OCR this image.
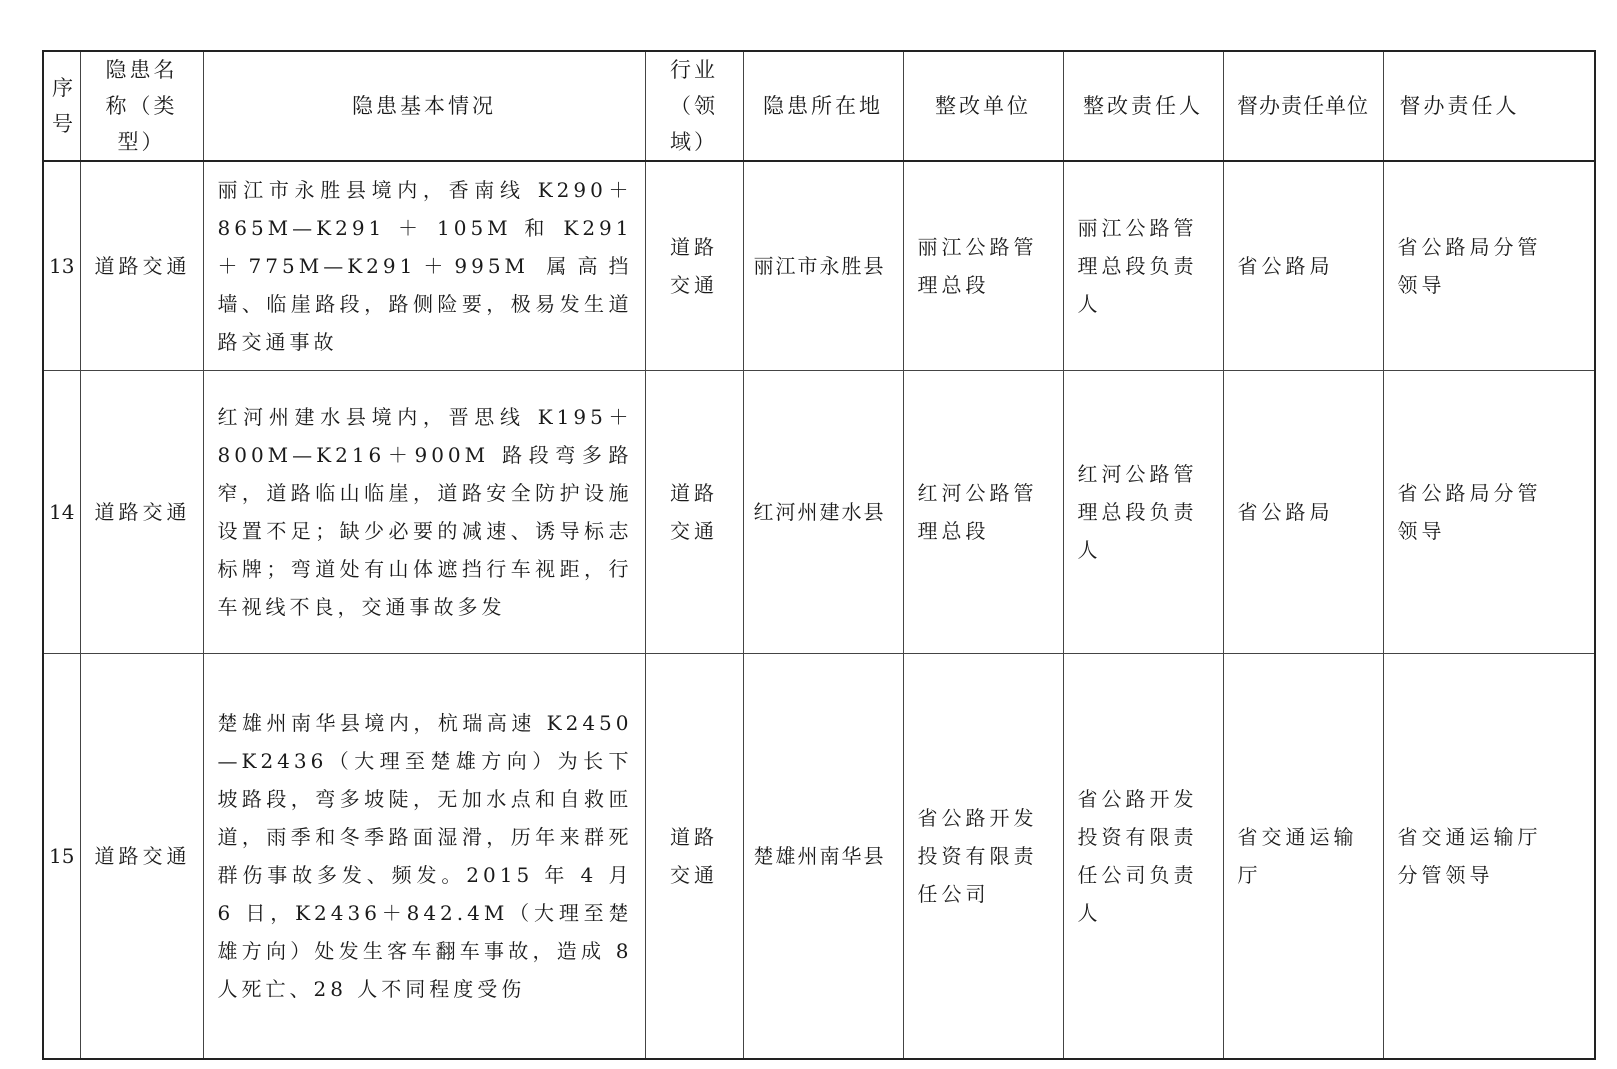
序号	隐患名称（类型）	隐患基本情况	行业（领域）	隐患所在地	整改单位	整改责任人	督办责任单位	督办责任人

13	道路交通	丽江市永胜县境内，香南线 K290＋865M—K291 ＋ 105M 和 K291 ＋775M—K291＋995M 属高挡墙、临崖路段，路侧险要，极易发生道路交通事故	道路交通	丽江市永胜县	丽江公路管理总段	丽江公路管理总段负责人	省公路局	省公路局分管领导
14	道路交通	红河州建水县境内，晋思线 K195＋800M—K216＋900M 路段弯多路窄，道路临山临崖，道路安全防护设施设置不足；缺少必要的减速、诱导标志标牌；弯道处有山体遮挡行车视距，行车视线不良，交通事故多发	道路交通	红河州建水县	红河公路管理总段	红河公路管理总段负责人	省公路局	省公路局分管领导
15	道路交通	楚雄州南华县境内，杭瑞高速 K2450—K2436（大理至楚雄方向）为长下坡路段，弯多坡陡，无加水点和自救匝道，雨季和冬季路面湿滑，历年来群死群伤事故多发、频发。2015 年 4 月 6 日，K2436＋842.4M（大理至楚雄方向）处发生客车翻车事故，造成 8 人死亡、28 人不同程度受伤	道路交通	楚雄州南华县	省公路开发投资有限责任公司	省公路开发投资有限责任公司负责人	省交通运输厅	省交通运输厅分管领导
